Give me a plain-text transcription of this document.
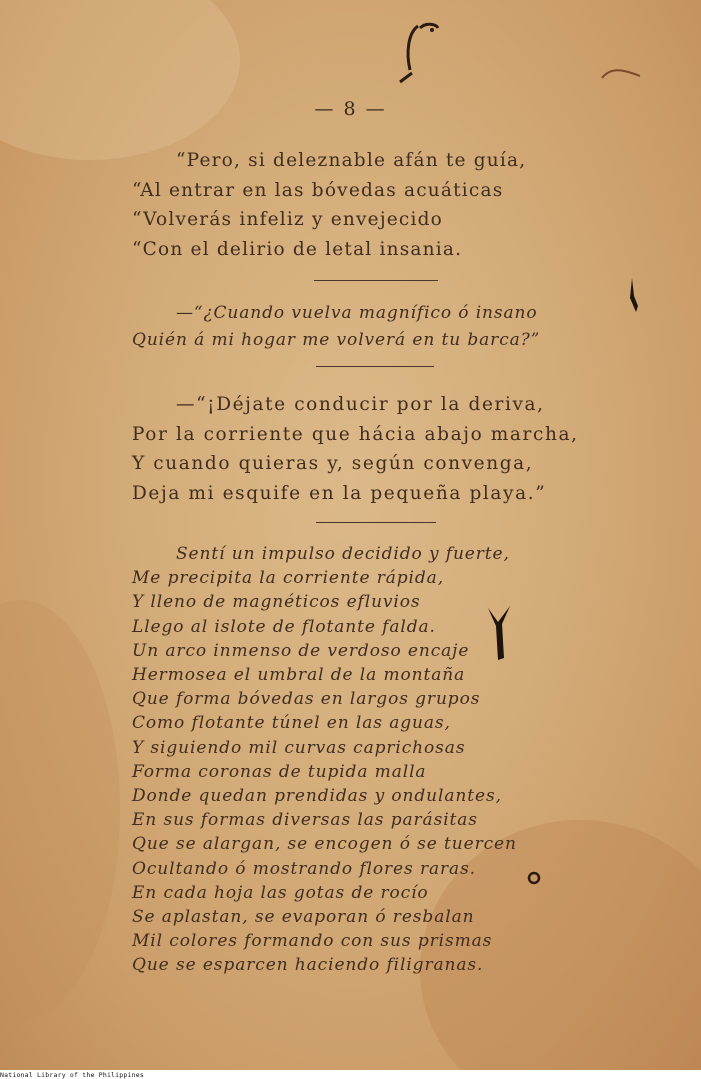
— 8 —
“Pero, si deleznable afán te guía,
“Al entrar en las bóvedas acuáticas
“Volverás infeliz y envejecido
“Con el delirio de letal insania.
—“¿Cuando vuelva magnífico ó insano
Quién á mi hogar me volverá en tu barca?”
—“¡Déjate conducir por la deriva,
Por la corriente que hácia abajo marcha,
Y cuando quieras y, según convenga,
Deja mi esquife en la pequeña playa.”
Sentí un impulso decidido y fuerte,
Me precipita la corriente rápida,
Y lleno de magnéticos efluvios
Llego al islote de flotante falda.
Un arco inmenso de verdoso encaje
Hermosea el umbral de la montaña
Que forma bóvedas en largos grupos
Como flotante túnel en las aguas,
Y siguiendo mil curvas caprichosas
Forma coronas de tupida malla
Donde quedan prendidas y ondulantes,
En sus formas diversas las parásitas
Que se alargan, se encogen ó se tuercen
Ocultando ó mostrando flores raras.
En cada hoja las gotas de rocío
Se aplastan, se evaporan ó resbalan
Mil colores formando con sus prismas
Que se esparcen haciendo filigranas.
National Library of the Philippines
